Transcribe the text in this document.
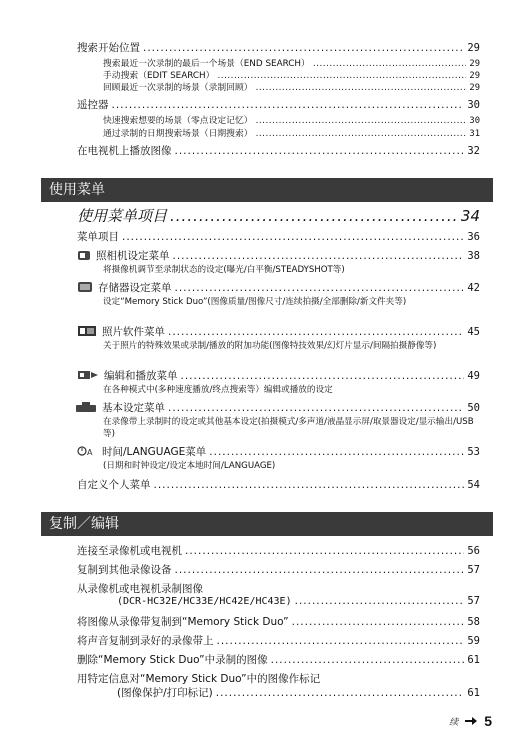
搜索开始位置 .....	29
搜索最近一次录制的最后一个场景（END SEARCH） .....	29
手动搜索（EDIT SEARCH） .....	29
回顾最近一次录制的场景（录制回顾） .....	29
遥控器 .....	30
快速搜索想要的场景（零点设定记忆） .....	30
通过录制的日期搜索场景（日期搜索） .....	31
在电视机上播放图像 .....	32
使用菜单
使用菜单项目 .....	34
菜单项目 .....	36
照相机设定菜单 .....	38
将摄像机调节至录制状态的设定(曝光/白平衡/STEADYSHOT等)
存储器设定菜单 .....	42
设定“Memory Stick Duo”(图像质量/图像尺寸/连续拍摄/全部删除/新文件夹等)
照片软件菜单 .....	45
关于照片的特殊效果或录制/播放的附加功能(图像特技效果/幻灯片显示/间隔拍摄静像等)
编辑和播放菜单 .....	49
在各种模式中(多种速度播放/终点搜索等）编辑或播放的设定
基本设定菜单 .....	50
在录像带上录制时的设定或其他基本设定(拍摄模式/多声道/液晶显示屏/取景器设定/显示输出/USB等)
A 时间/LANGUAGE菜单 .....	53
(日期和时钟设定/设定本地时间/LANGUAGE)
自定义个人菜单 .....	54
复制／编辑
连接至录像机或电视机 .....	56
复制到其他录像设备 .....	57
从录像机或电视机录制图像
(DCR-HC32E/HC33E/HC42E/HC43E) .....	57
将图像从录像带复制到“Memory Stick Duo” .....	58
将声音复制到录好的录像带上 .....	59
删除“Memory Stick Duo”中录制的图像 .....	61
用特定信息对“Memory Stick Duo”中的图像作标记
(图像保护/打印标记) .....	61
续 5
